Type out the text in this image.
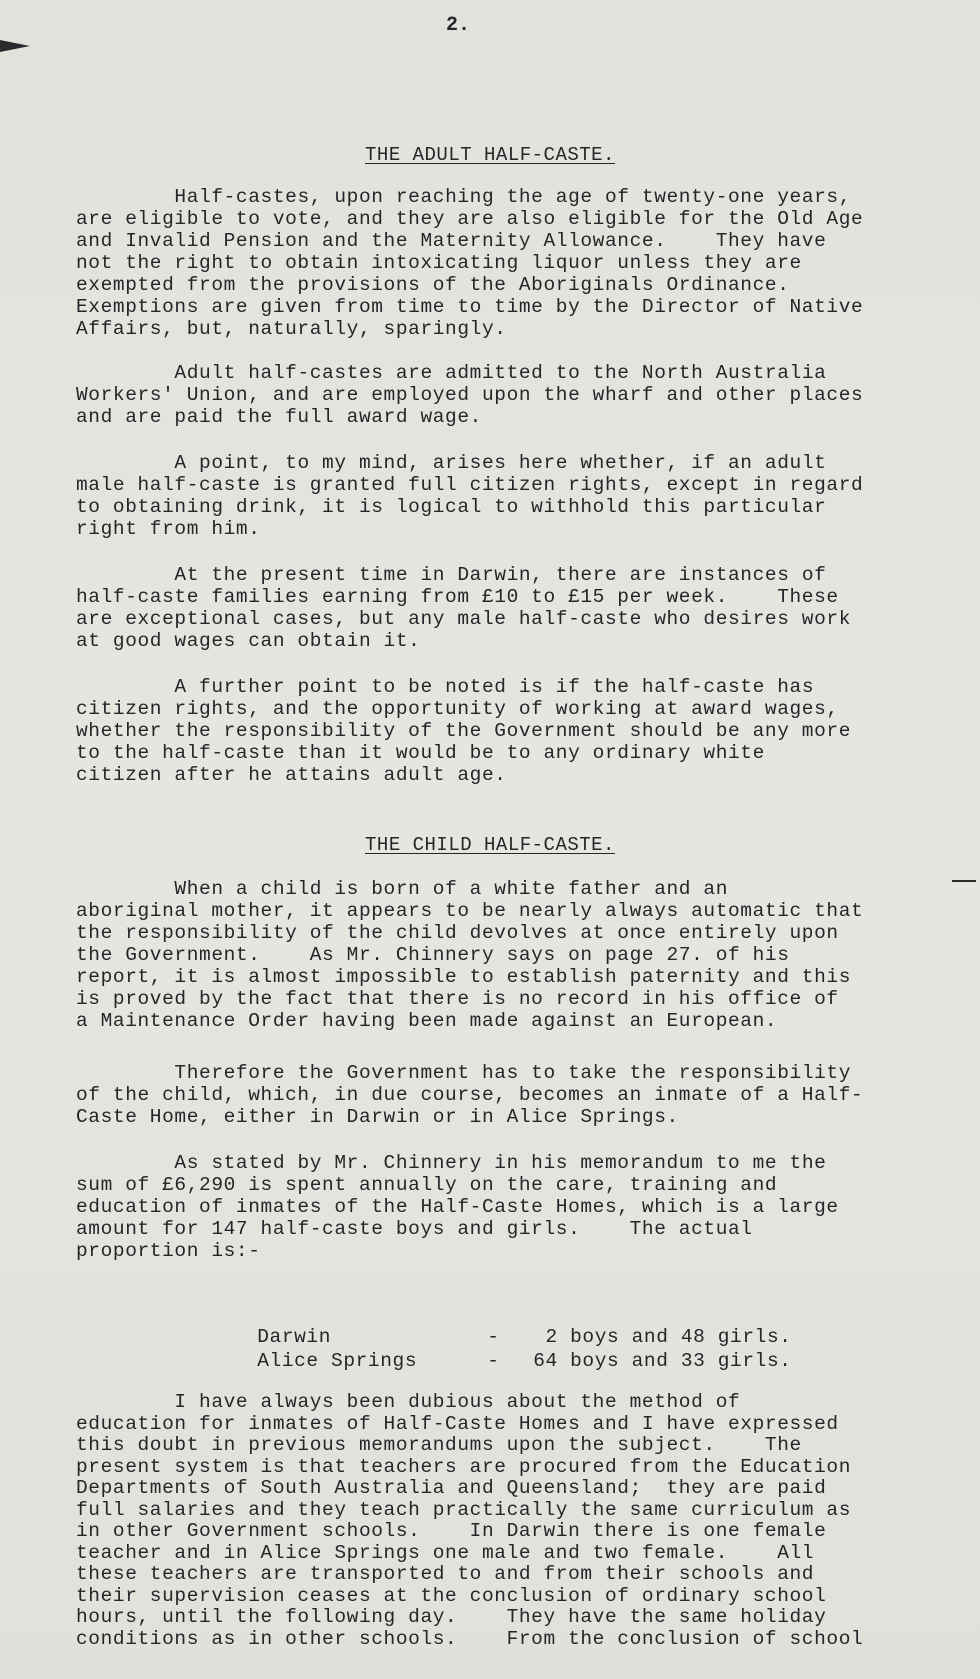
2.
THE ADULT HALF-CASTE.

Half-castes, upon reaching the age of twenty-one years,
are eligible to vote, and they are also eligible for the Old Age
and Invalid Pension and the Maternity Allowance.    They have
not the right to obtain intoxicating liquor unless they are
exempted from the provisions of the Aboriginals Ordinance.
Exemptions are given from time to time by the Director of Native
Affairs, but, naturally, sparingly.

Adult half-castes are admitted to the North Australia
Workers' Union, and are employed upon the wharf and other places
and are paid the full award wage.

A point, to my mind, arises here whether, if an adult
male half-caste is granted full citizen rights, except in regard
to obtaining drink, it is logical to withhold this particular
right from him.

At the present time in Darwin, there are instances of
half-caste families earning from £10 to £15 per week.    These
are exceptional cases, but any male half-caste who desires work
at good wages can obtain it.

A further point to be noted is if the half-caste has
citizen rights, and the opportunity of working at award wages,
whether the responsibility of the Government should be any more
to the half-caste than it would be to any ordinary white
citizen after he attains adult age.

THE CHILD HALF-CASTE.

When a child is born of a white father and an
aboriginal mother, it appears to be nearly always automatic that
the responsibility of the child devolves at once entirely upon
the Government.    As Mr. Chinnery says on page 27. of his
report, it is almost impossible to establish paternity and this
is proved by the fact that there is no record in his office of
a Maintenance Order having been made against an European.

Therefore the Government has to take the responsibility
of the child, which, in due course, becomes an inmate of a Half-
Caste Home, either in Darwin or in Alice Springs.

As stated by Mr. Chinnery in his memorandum to me the
sum of £6,290 is spent annually on the care, training and
education of inmates of the Half-Caste Homes, which is a large
amount for 147 half-caste boys and girls.    The actual
proportion is:-

Darwin	- 2 boys and 48 girls.

Alice Springs	- 64 boys and 33 girls.

I have always been dubious about the method of
education for inmates of Half-Caste Homes and I have expressed
this doubt in previous memorandums upon the subject.    The
present system is that teachers are procured from the Education
Departments of South Australia and Queensland;  they are paid
full salaries and they teach practically the same curriculum as
in other Government schools.    In Darwin there is one female
teacher and in Alice Springs one male and two female.    All
these teachers are transported to and from their schools and
their supervision ceases at the conclusion of ordinary school
hours, until the following day.    They have the same holiday
conditions as in other schools.    From the conclusion of school
